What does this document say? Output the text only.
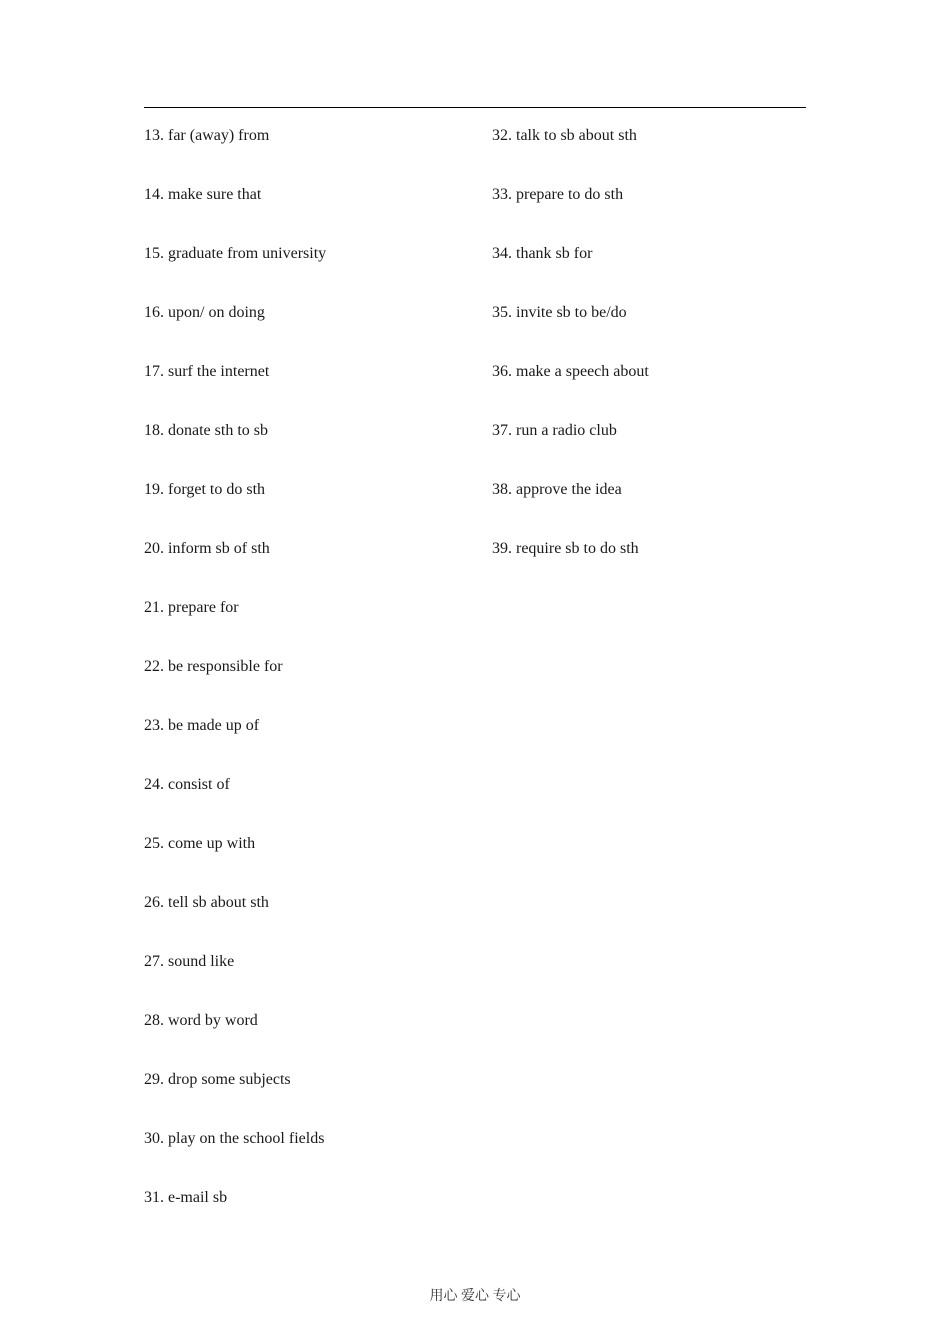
13. far (away) from
14. make sure that
15. graduate from university
16. upon/ on doing
17. surf the internet
18. donate sth to sb
19. forget to do sth
20. inform sb of sth
21. prepare for
22. be responsible for
23. be made up of
24. consist of
25. come up with
26. tell sb about sth
27. sound like
28. word by word
29. drop some subjects
30. play on the school fields
31. e-mail sb
32. talk to sb about sth
33. prepare to do sth
34. thank sb for
35. invite sb to be/do
36. make a speech about
37. run a radio club
38. approve the idea
39. require sb to do sth
用心 爱心 专心
